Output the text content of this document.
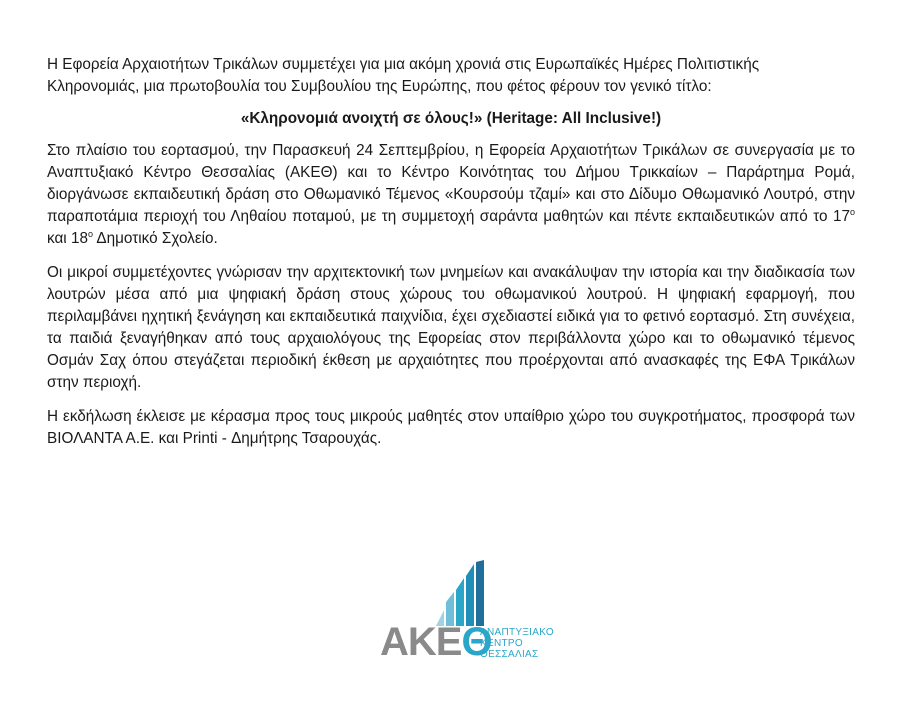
Η Εφορεία Αρχαιοτήτων Τρικάλων συμμετέχει για μια ακόμη χρονιά στις Ευρωπαϊκές Ημέρες Πολιτιστικής
Κληρονομιάς, μια πρωτοβουλία του Συμβουλίου της Ευρώπης, που φέτος φέρουν τον γενικό τίτλο:

«Κληρονομιά ανοιχτή σε όλους!» (Heritage: All Inclusive!)

Στο πλαίσιο του εορτασμού, την Παρασκευή 24 Σεπτεμβρίου, η Εφορεία Αρχαιοτήτων Τρικάλων σε συνεργασία με το Αναπτυξιακό Κέντρο Θεσσαλίας (ΑΚΕΘ) και το Κέντρο Κοινότητας του Δήμου Τρικκαίων – Παράρτημα Ρομά, διοργάνωσε εκπαιδευτική δράση στο Οθωμανικό Τέμενος «Κουρσούμ τζαμί» και στο Δίδυμο Οθωμανικό Λουτρό, στην παραποτάμια περιοχή του Ληθαίου ποταμού, με τη συμμετοχή σαράντα μαθητών και πέντε εκπαιδευτικών από το $17^o$ και $18^o$ Δημοτικό Σχολείο.

Οι μικροί συμμετέχοντες γνώρισαν την αρχιτεκτονική των μνημείων και ανακάλυψαν την ιστορία και την διαδικασία των λουτρών μέσα από μια ψηφιακή δράση στους χώρους του οθωμανικού λουτρού. Η ψηφιακή εφαρμογή, που περιλαμβάνει ηχητική ξενάγηση και εκπαιδευτικά παιχνίδια, έχει σχεδιαστεί ειδικά για το φετινό εορτασμό. Στη συνέχεια, τα παιδιά ξεναγήθηκαν από τους αρχαιολόγους της Εφορείας στον περιβάλλοντα χώρο και το οθωμανικό τέμενος Οσμάν Σαχ όπου στεγάζεται περιοδική έκθεση με αρχαιότητες που προέρχονται από ανασκαφές της ΕΦΑ Τρικάλων στην περιοχή.

Η εκδήλωση έκλεισε με κέρασμα προς τους μικρούς μαθητές στον υπαίθριο χώρο του συγκροτήματος, προσφορά των ΒΙΟΛΑΝΤΑ Α.Ε. και Printi - Δημήτρης Τσαρουχάς.

ΑΚΕΘ
ΑΝΑΠΤΥΞΙΑΚΟ
ΚΕΝΤΡΟ
ΘΕΣΣΑΛΙΑΣ
